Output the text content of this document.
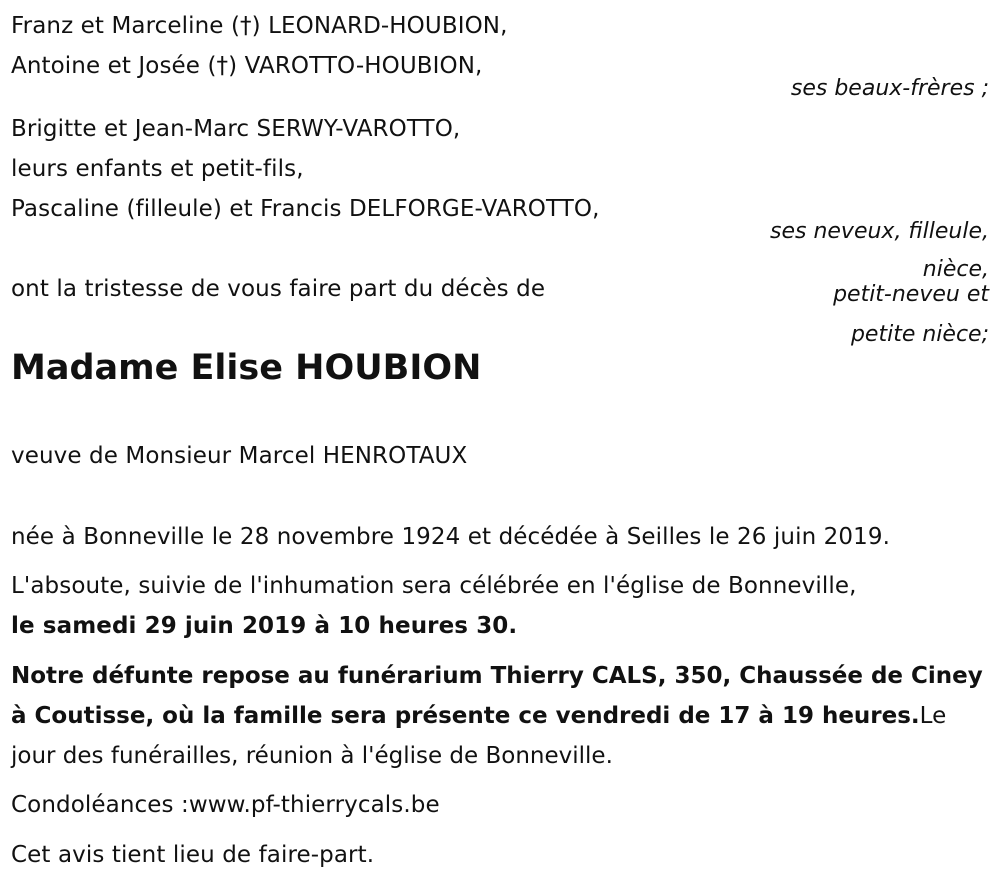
Franz et Marceline (†) LEONARD-HOUBION,
Antoine et Josée (†) VAROTTO-HOUBION,
ses beaux-frères ;
Brigitte et Jean-Marc SERWY-VAROTTO,
leurs enfants et petit-fils,
Pascaline (filleule) et Francis DELFORGE-VAROTTO,
ses neveux, filleule,
nièce,
petit-neveu et
petite nièce;
ont la tristesse de vous faire part du décès de
Madame Elise HOUBION
veuve de Monsieur Marcel HENROTAUX
née à Bonneville le 28 novembre 1924 et décédée à Seilles le 26 juin 2019.
L'absoute, suivie de l'inhumation sera célébrée en l'église de Bonneville,
le samedi 29 juin 2019 à 10 heures 30.
Notre défunte repose au funérarium Thierry CALS, 350, Chaussée de Ciney à Coutisse, où la famille sera présente ce vendredi de 17 à 19 heures.Le jour des funérailles, réunion à l'église de Bonneville.
Condoléances :www.pf-thierrycals.be
Cet avis tient lieu de faire-part.
